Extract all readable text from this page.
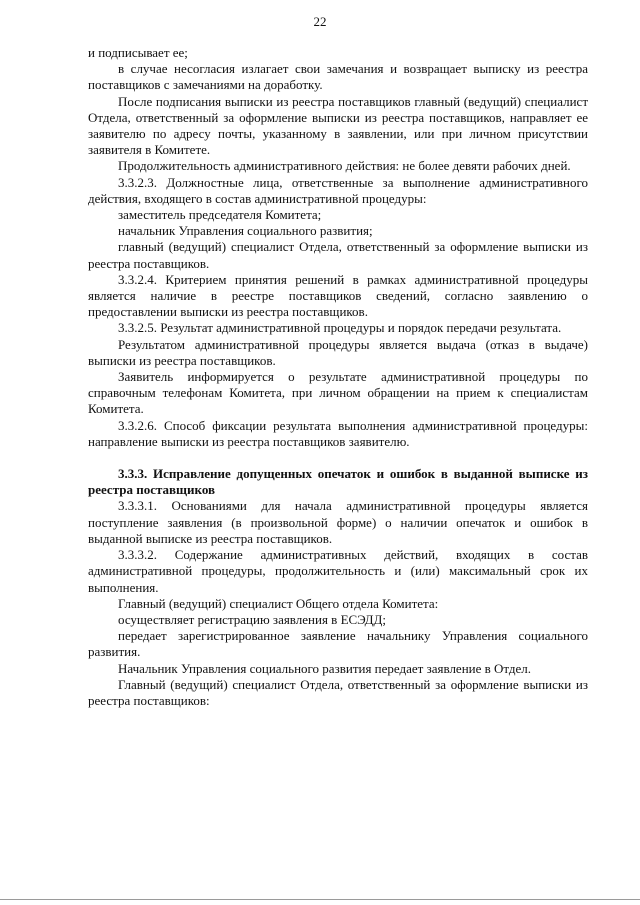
22

и подписывает ее;

в случае несогласия излагает свои замечания и возвращает выписку из реестра поставщиков с замечаниями на доработку.

После подписания выписки из реестра поставщиков главный (ведущий) специалист Отдела, ответственный за оформление выписки из реестра поставщиков, направляет ее заявителю по адресу почты, указанному в заявлении, или при личном присутствии заявителя в Комитете.

Продолжительность административного действия: не более девяти рабочих дней.

3.3.2.3. Должностные лица, ответственные за выполнение административного действия, входящего в состав административной процедуры:

заместитель председателя Комитета;

начальник Управления социального развития;

главный (ведущий) специалист Отдела, ответственный за оформление выписки из реестра поставщиков.

3.3.2.4. Критерием принятия решений в рамках административной процедуры является наличие в реестре поставщиков сведений, согласно заявлению о предоставлении выписки из реестра поставщиков.

3.3.2.5. Результат административной процедуры и порядок передачи результата.

Результатом административной процедуры является выдача (отказ в выдаче) выписки из реестра поставщиков.

Заявитель информируется о результате административной процедуры по справочным телефонам Комитета, при личном обращении на прием к специалистам Комитета.

3.3.2.6. Способ фиксации результата выполнения административной процедуры: направление выписки из реестра поставщиков заявителю.

3.3.3. Исправление допущенных опечаток и ошибок в выданной выписке из реестра поставщиков

3.3.3.1. Основаниями для начала административной процедуры является поступление заявления (в произвольной форме) о наличии опечаток и ошибок в выданной выписке из реестра поставщиков.

3.3.3.2. Содержание административных действий, входящих в состав административной процедуры, продолжительность и (или) максимальный срок их выполнения.

Главный (ведущий) специалист Общего отдела Комитета:

осуществляет регистрацию заявления в ЕСЭДД;

передает зарегистрированное заявление начальнику Управления социального развития.

Начальник Управления социального развития передает заявление в Отдел.

Главный (ведущий) специалист Отдела, ответственный за оформление выписки из реестра поставщиков:
